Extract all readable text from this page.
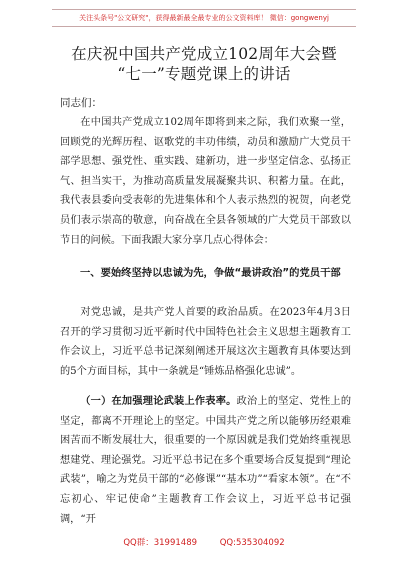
关注头条号"公文研究"，获得最新最全最专业的公文资料库！ 微信：gongwenyj
在庆祝中国共产党成立102周年大会暨
“七一”专题党课上的讲话
同志们：
在中国共产党成立102周年即将到来之际，我们欢聚一堂，回顾党的光辉历程、讴歌党的丰功伟绩，动员和激励广大党员干部学思想、强党性、重实践、建新功，进一步坚定信念、弘扬正气、担当实干，为推动高质量发展凝聚共识、积蓄力量。在此，我代表县委向受表彰的先进集体和个人表示热烈的祝贺，向老党员们表示崇高的敬意，向奋战在全县各领域的广大党员干部致以节日的问候。下面我跟大家分享几点心得体会：
一、要始终坚持以忠诚为先，争做“最讲政治”的党员干部
对党忠诚，是共产党人首要的政治品质。在2023年4月3日召开的学习贯彻习近平新时代中国特色社会主义思想主题教育工作会议上，习近平总书记深刻阐述开展这次主题教育具体要达到的5个方面目标，其中一条就是“锤炼品格强化忠诚”。
（一）在加强理论武装上作表率。政治上的坚定、党性上的坚定，都离不开理论上的坚定。中国共产党之所以能够历经艰难困苦而不断发展壮大，很重要的一个原因就是我们党始终重视思想建党、理论强党。习近平总书记在多个重要场合反复提到“理论武装”，喻之为党员干部的“必修课”“基本功”“看家本领”。在“不忘初心、牢记使命”主题教育工作会议上，习近平总书记强调，“开
QQ群：31991489	QQ:535304092
